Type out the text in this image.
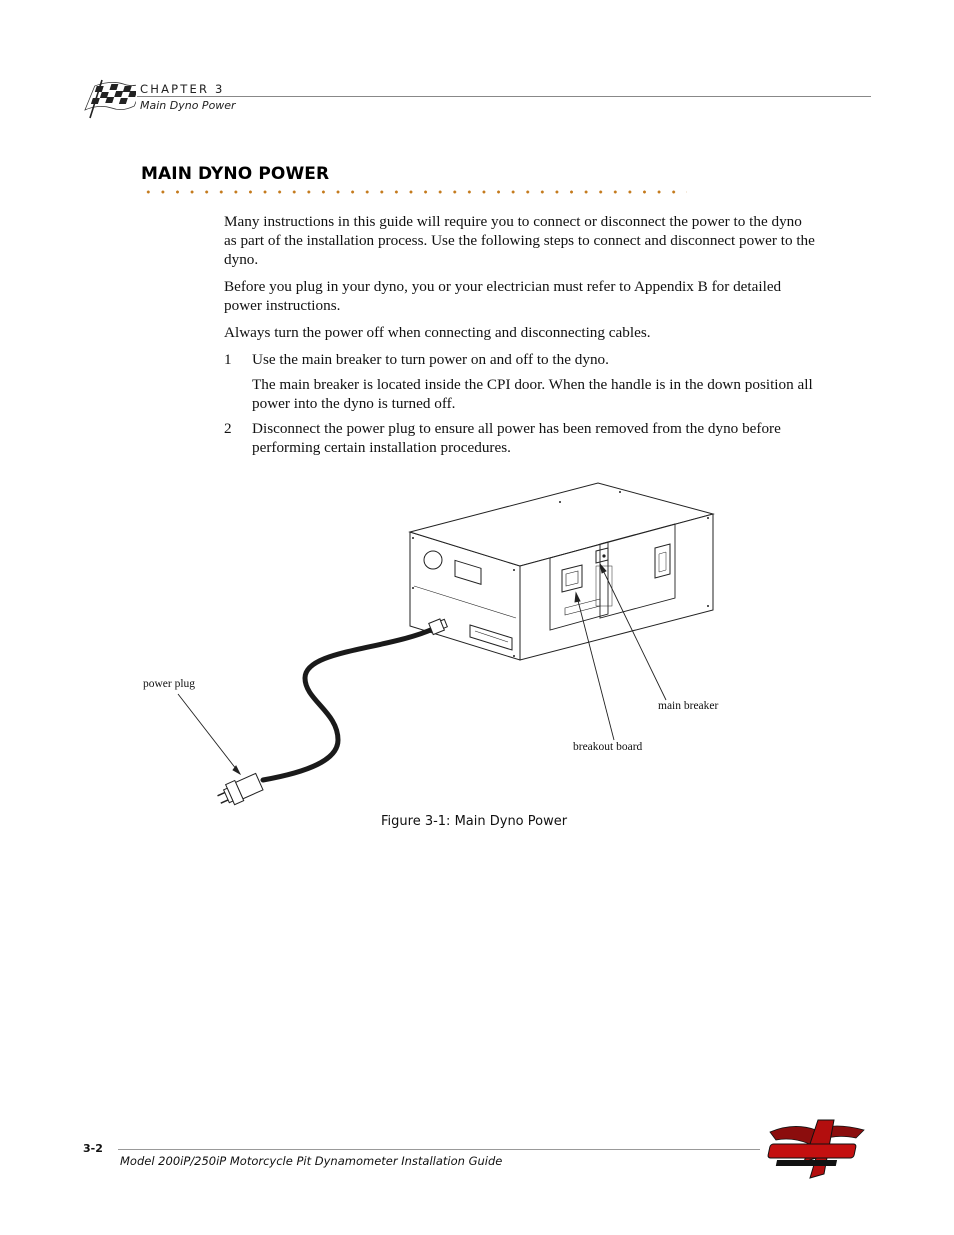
CHAPTER 3
Main Dyno Power
MAIN DYNO POWER

Many instructions in this guide will require you to connect or disconnect the power to the dyno as part of the installation process. Use the following steps to connect and disconnect power to the dyno.

Before you plug in your dyno, you or your electrician must refer to Appendix B for detailed power instructions.

Always turn the power off when connecting and disconnecting cables.

1	Use the main breaker to turn power on and off to the dyno.

The main breaker is located inside the CPI door. When the handle is in the down position all power into the dyno is turned off.

2	Disconnect the power plug to ensure all power has been removed from the dyno before performing certain installation procedures.
power plug
main breaker
breakout board
Figure 3-1: Main Dyno Power
3-2
Model 200iP/250iP Motorcycle Pit Dynamometer Installation Guide
